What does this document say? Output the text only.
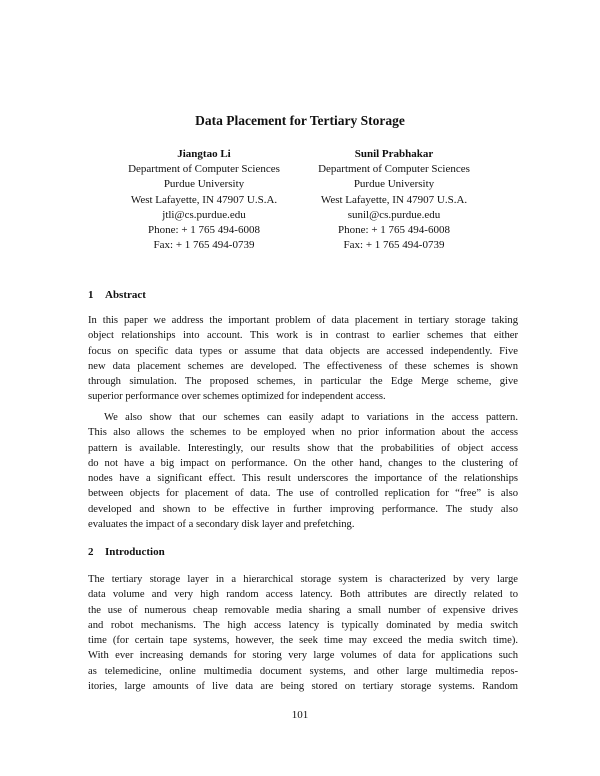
Data Placement for Tertiary Storage
Jiangtao Li
Department of Computer Sciences
Purdue University
West Lafayette, IN 47907 U.S.A.
jtli@cs.purdue.edu
Phone: + 1 765 494-6008
Fax: + 1 765 494-0739
Sunil Prabhakar
Department of Computer Sciences
Purdue University
West Lafayette, IN 47907 U.S.A.
sunil@cs.purdue.edu
Phone: + 1 765 494-6008
Fax: + 1 765 494-0739
1 Abstract
In this paper we address the important problem of data placement in tertiary storage taking
object relationships into account. This work is in contrast to earlier schemes that either
focus on specific data types or assume that data objects are accessed independently. Five
new data placement schemes are developed. The effectiveness of these schemes is shown
through simulation. The proposed schemes, in particular the Edge Merge scheme, give
superior performance over schemes optimized for independent access.
We also show that our schemes can easily adapt to variations in the access pattern.
This also allows the schemes to be employed when no prior information about the access
pattern is available. Interestingly, our results show that the probabilities of object access
do not have a big impact on performance. On the other hand, changes to the clustering of
nodes have a significant effect. This result underscores the importance of the relationships
between objects for placement of data. The use of controlled replication for “free” is also
developed and shown to be effective in further improving performance. The study also
evaluates the impact of a secondary disk layer and prefetching.
2 Introduction
The tertiary storage layer in a hierarchical storage system is characterized by very large
data volume and very high random access latency. Both attributes are directly related to
the use of numerous cheap removable media sharing a small number of expensive drives
and robot mechanisms. The high access latency is typically dominated by media switch
time (for certain tape systems, however, the seek time may exceed the media switch time).
With ever increasing demands for storing very large volumes of data for applications such
as telemedicine, online multimedia document systems, and other large multimedia repos-
itories, large amounts of live data are being stored on tertiary storage systems. Random
101
